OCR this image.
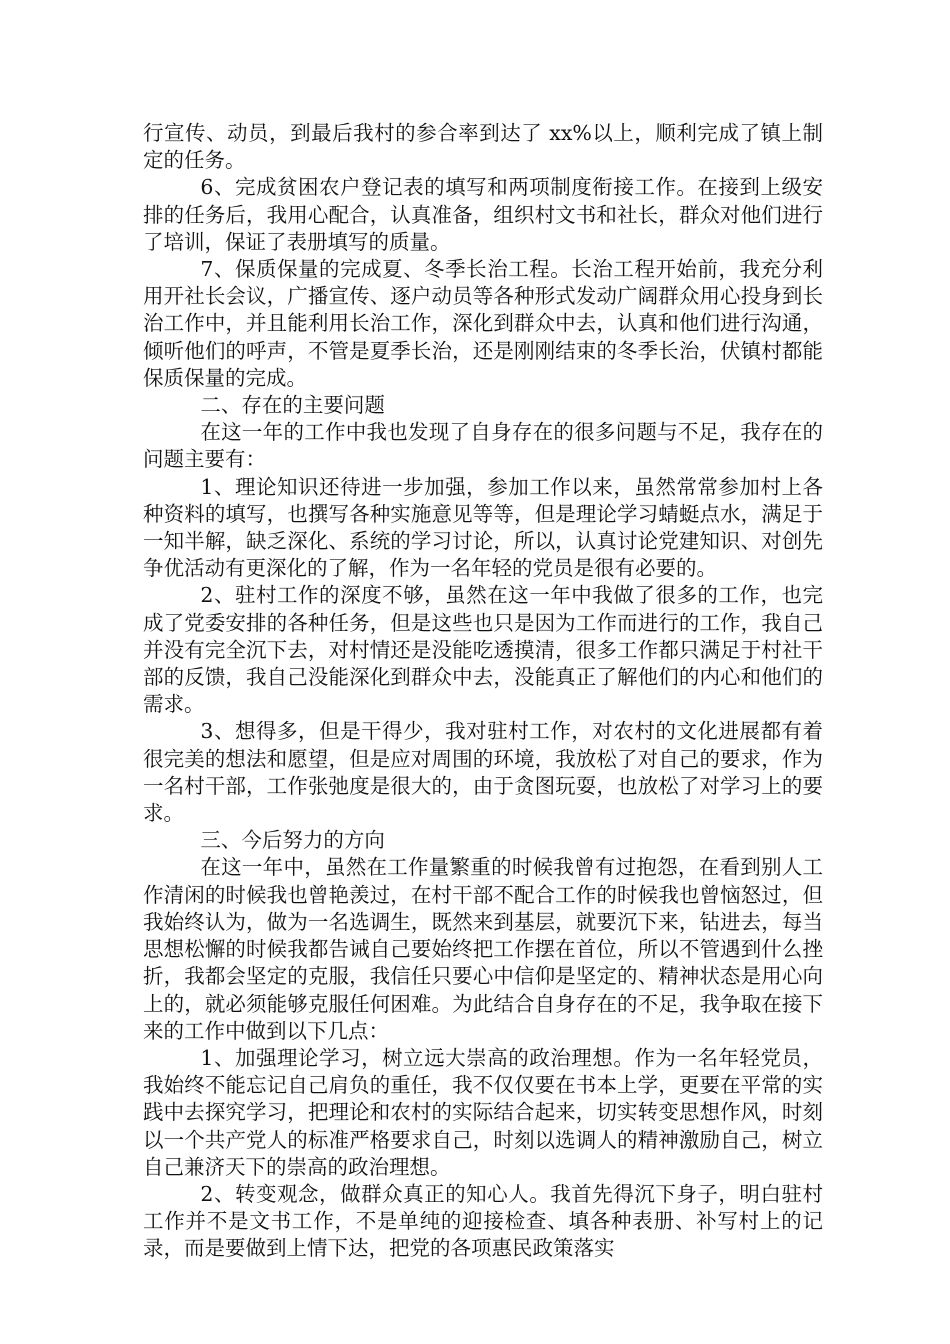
行宣传、动员，到最后我村的参合率到达了 xx%以上，顺利完成了镇上制定的任务。

6、完成贫困农户登记表的填写和两项制度衔接工作。在接到上级安排的任务后，我用心配合，认真准备，组织村文书和社长，群众对他们进行了培训，保证了表册填写的质量。

7、保质保量的完成夏、冬季长治工程。长治工程开始前，我充分利用开社长会议，广播宣传、逐户动员等各种形式发动广阔群众用心投身到长治工作中，并且能利用长治工作，深化到群众中去，认真和他们进行沟通，倾听他们的呼声，不管是夏季长治，还是刚刚结束的冬季长治，伏镇村都能保质保量的完成。

二、存在的主要问题

在这一年的工作中我也发现了自身存在的很多问题与不足，我存在的问题主要有：

1、理论知识还待进一步加强，参加工作以来，虽然常常参加村上各种资料的填写，也撰写各种实施意见等等，但是理论学习蜻蜓点水，满足于一知半解，缺乏深化、系统的学习讨论，所以，认真讨论党建知识、对创先争优活动有更深化的了解，作为一名年轻的党员是很有必要的。

2、驻村工作的深度不够，虽然在这一年中我做了很多的工作，也完成了党委安排的各种任务，但是这些也只是因为工作而进行的工作，我自己并没有完全沉下去，对村情还是没能吃透摸清，很多工作都只满足于村社干部的反馈，我自己没能深化到群众中去，没能真正了解他们的内心和他们的需求。

3、想得多，但是干得少，我对驻村工作，对农村的文化进展都有着很完美的想法和愿望，但是应对周围的环境，我放松了对自己的要求，作为一名村干部，工作张弛度是很大的，由于贪图玩耍，也放松了对学习上的要求。

三、今后努力的方向

在这一年中，虽然在工作量繁重的时候我曾有过抱怨，在看到别人工作清闲的时候我也曾艳羡过，在村干部不配合工作的时候我也曾恼怒过，但我始终认为，做为一名选调生，既然来到基层，就要沉下来，钻进去，每当思想松懈的时候我都告诫自己要始终把工作摆在首位，所以不管遇到什么挫折，我都会坚定的克服，我信任只要心中信仰是坚定的、精神状态是用心向上的，就必须能够克服任何困难。为此结合自身存在的不足，我争取在接下来的工作中做到以下几点：

1、加强理论学习，树立远大崇高的政治理想。作为一名年轻党员，我始终不能忘记自己肩负的重任，我不仅仅要在书本上学，更要在平常的实践中去探究学习，把理论和农村的实际结合起来，切实转变思想作风，时刻以一个共产党人的标准严格要求自己，时刻以选调人的精神激励自己，树立自己兼济天下的崇高的政治理想。

2、转变观念，做群众真正的知心人。我首先得沉下身子，明白驻村工作并不是文书工作，不是单纯的迎接检查、填各种表册、补写村上的记录，而是要做到上情下达，把党的各项惠民政策落实
